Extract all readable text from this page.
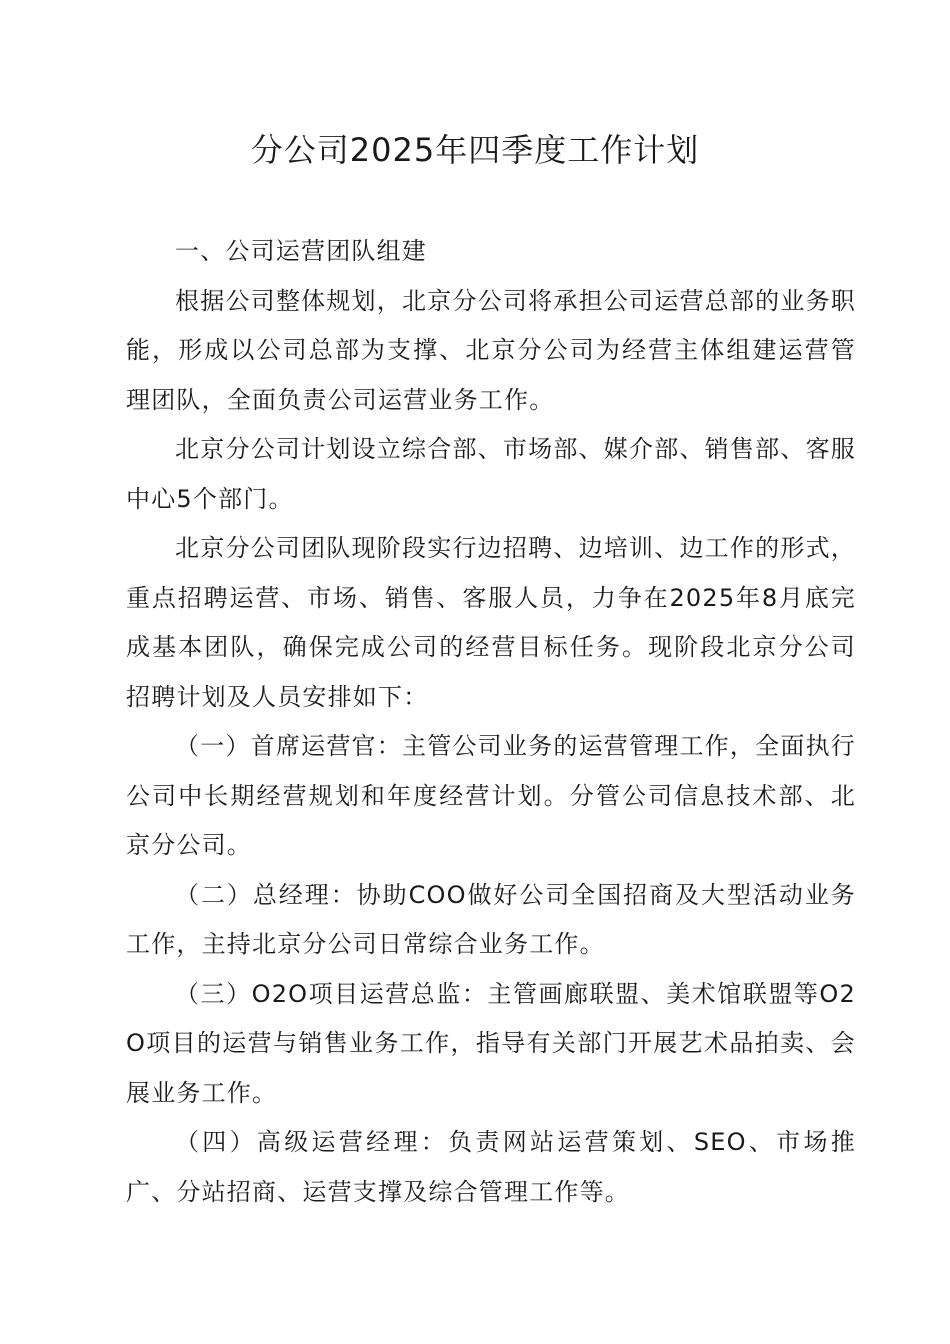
分公司2025年四季度工作计划

一、公司运营团队组建

根据公司整体规划，北京分公司将承担公司运营总部的业务职能，形成以公司总部为支撑、北京分公司为经营主体组建运营管理团队，全面负责公司运营业务工作。

北京分公司计划设立综合部、市场部、媒介部、销售部、客服中心5个部门。

北京分公司团队现阶段实行边招聘、边培训、边工作的形式，重点招聘运营、市场、销售、客服人员，力争在2025年8月底完成基本团队，确保完成公司的经营目标任务。现阶段北京分公司招聘计划及人员安排如下：

（一）首席运营官：主管公司业务的运营管理工作，全面执行公司中长期经营规划和年度经营计划。分管公司信息技术部、北京分公司。

（二）总经理：协助COO做好公司全国招商及大型活动业务工作，主持北京分公司日常综合业务工作。

（三）O2O项目运营总监：主管画廊联盟、美术馆联盟等O2O项目的运营与销售业务工作，指导有关部门开展艺术品拍卖、会展业务工作。

（四）高级运营经理：负责网站运营策划、SEO、市场推广、分站招商、运营支撑及综合管理工作等。
